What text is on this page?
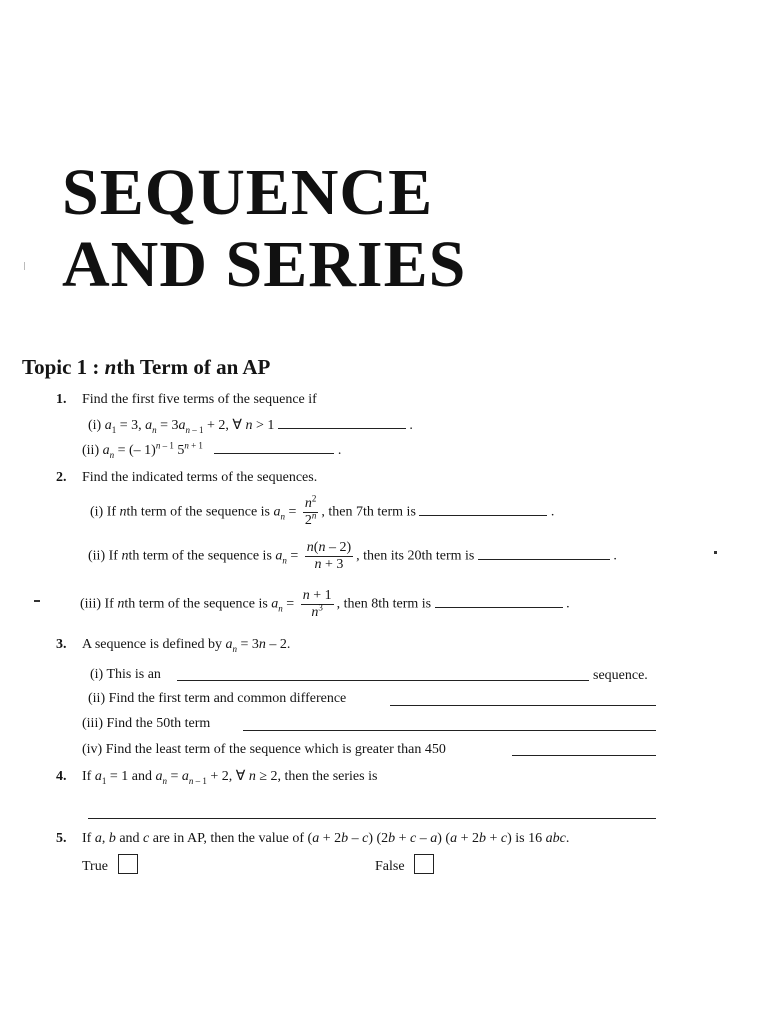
SEQUENCE
AND SERIES
Topic 1 : nth Term of an AP
1. Find the first five terms of the sequence if
(i) $a_1 = 3$, $a_n = 3a_{n - 1} + 2$, ∀ n > 1	.
(ii) $a_n$ = (– 1)$^{n - 1}$ $5^{n + 1}$	.
2. Find the indicated terms of the sequences.
(i) If nth term of the sequence is $a_n = \frac{n^2}{2^n}$ , then 7th term is	.
(ii) If nth term of the sequence is $a_n = \frac{n(n - 2)}{n + 3}$ , then its 20th term is	.
(iii) If nth term of the sequence is $a_n = \frac{n + 1}{n^3}$ , then 8th term is	.
3. A sequence is defined by $a_n = 3n - 2$.
(i) This is an	sequence.
(ii) Find the first term and common difference
(iii) Find the 50th term
(iv) Find the least term of the sequence which is greater than 450
4. If $a_1 = 1$ and $a_n = a_{n - 1} + 2$, ∀ n ≥ 2, then the series is
5. If a, b and c are in AP, then the value of (a + 2b – c) (2b + c – a) (a + 2b + c) is 16 abc.
True	False
